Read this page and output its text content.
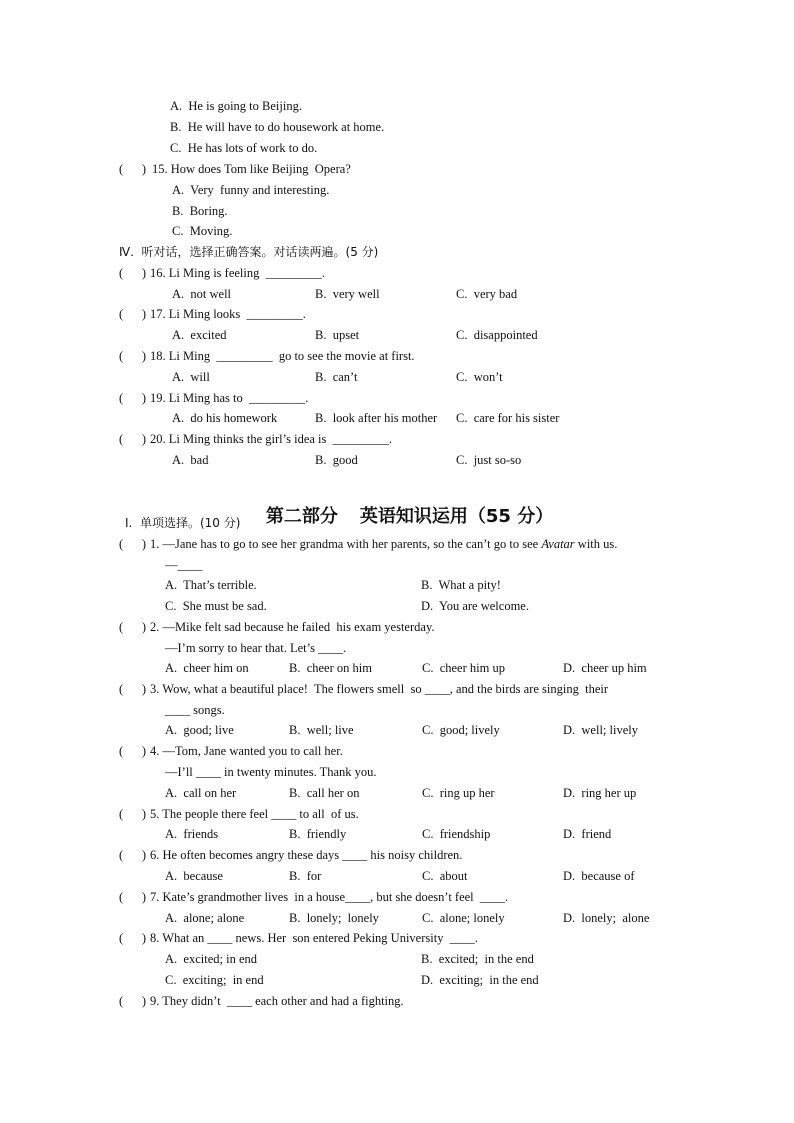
A.  He is going to Beijing.
B.  He will have to do housework at home.
C.  He has lots of work to do.
(      ) 15. How does Tom like Beijing  Opera?
A.  Very  funny and interesting.
B.  Boring.
C.  Moving.
Ⅳ.  听对话，选择正确答案。对话读两遍。(5 分)
(      ) 16. Li Ming is feeling  _________.
A.  not well	B.  very well	C.  very bad
(      ) 17. Li Ming looks  _________.
A.  excited	B.  upset	C.  disappointed
(      ) 18. Li Ming  _________  go to see the movie at first.
A.  will	B.  can’t	C.  won’t
(      ) 19. Li Ming has to  _________.
A.  do his homework	B.  look after his mother C.  care for his sister
(      ) 20. Li Ming thinks the girl’s idea is  _________.
A.  bad	B.  good	C.  just so-so

第二部分 英语知识运用（55 分）

Ⅰ.  单项选择。(10 分)
(      ) 1. —Jane has to go to see her grandma with her parents, so the can’t go to see Avatar with us.
—____
A.  That’s terrible.	B.  What a pity!
C.  She must be sad.	D.  You are welcome.
(      ) 2. —Mike felt sad because he failed  his exam yesterday.
—I’m sorry to hear that. Let’s ____.
A.  cheer him on	B.  cheer on him	C.  cheer him up	D.  cheer up him
(      ) 3. Wow, what a beautiful place!  The flowers smell  so ____, and the birds are singing  their
____ songs.
A.  good; live	B.  well; live	C.  good; lively	D.  well; lively
(      ) 4. —Tom, Jane wanted you to call her.
—I’ll ____ in twenty minutes. Thank you.
A.  call on her	B.  call her on	C.  ring up her	D.  ring her up
(      ) 5. The people there feel ____ to all  of us.
A.  friends	B.  friendly	C.  friendship	D.  friend
(      ) 6. He often becomes angry these days ____ his noisy children.
A.  because	B.  for	C.  about	D.  because of
(      ) 7. Kate’s grandmother lives  in a house____, but she doesn’t feel  ____.
A.  alone; alone	B.  lonely;  lonely	C.  alone; lonely	D.  lonely;  alone
(      ) 8. What an ____ news. Her  son entered Peking University  ____.
A.  excited; in end	B.  excited;  in the end
C.  exciting;  in end	D.  exciting;  in the end
(      ) 9. They didn’t  ____ each other and had a fighting.
